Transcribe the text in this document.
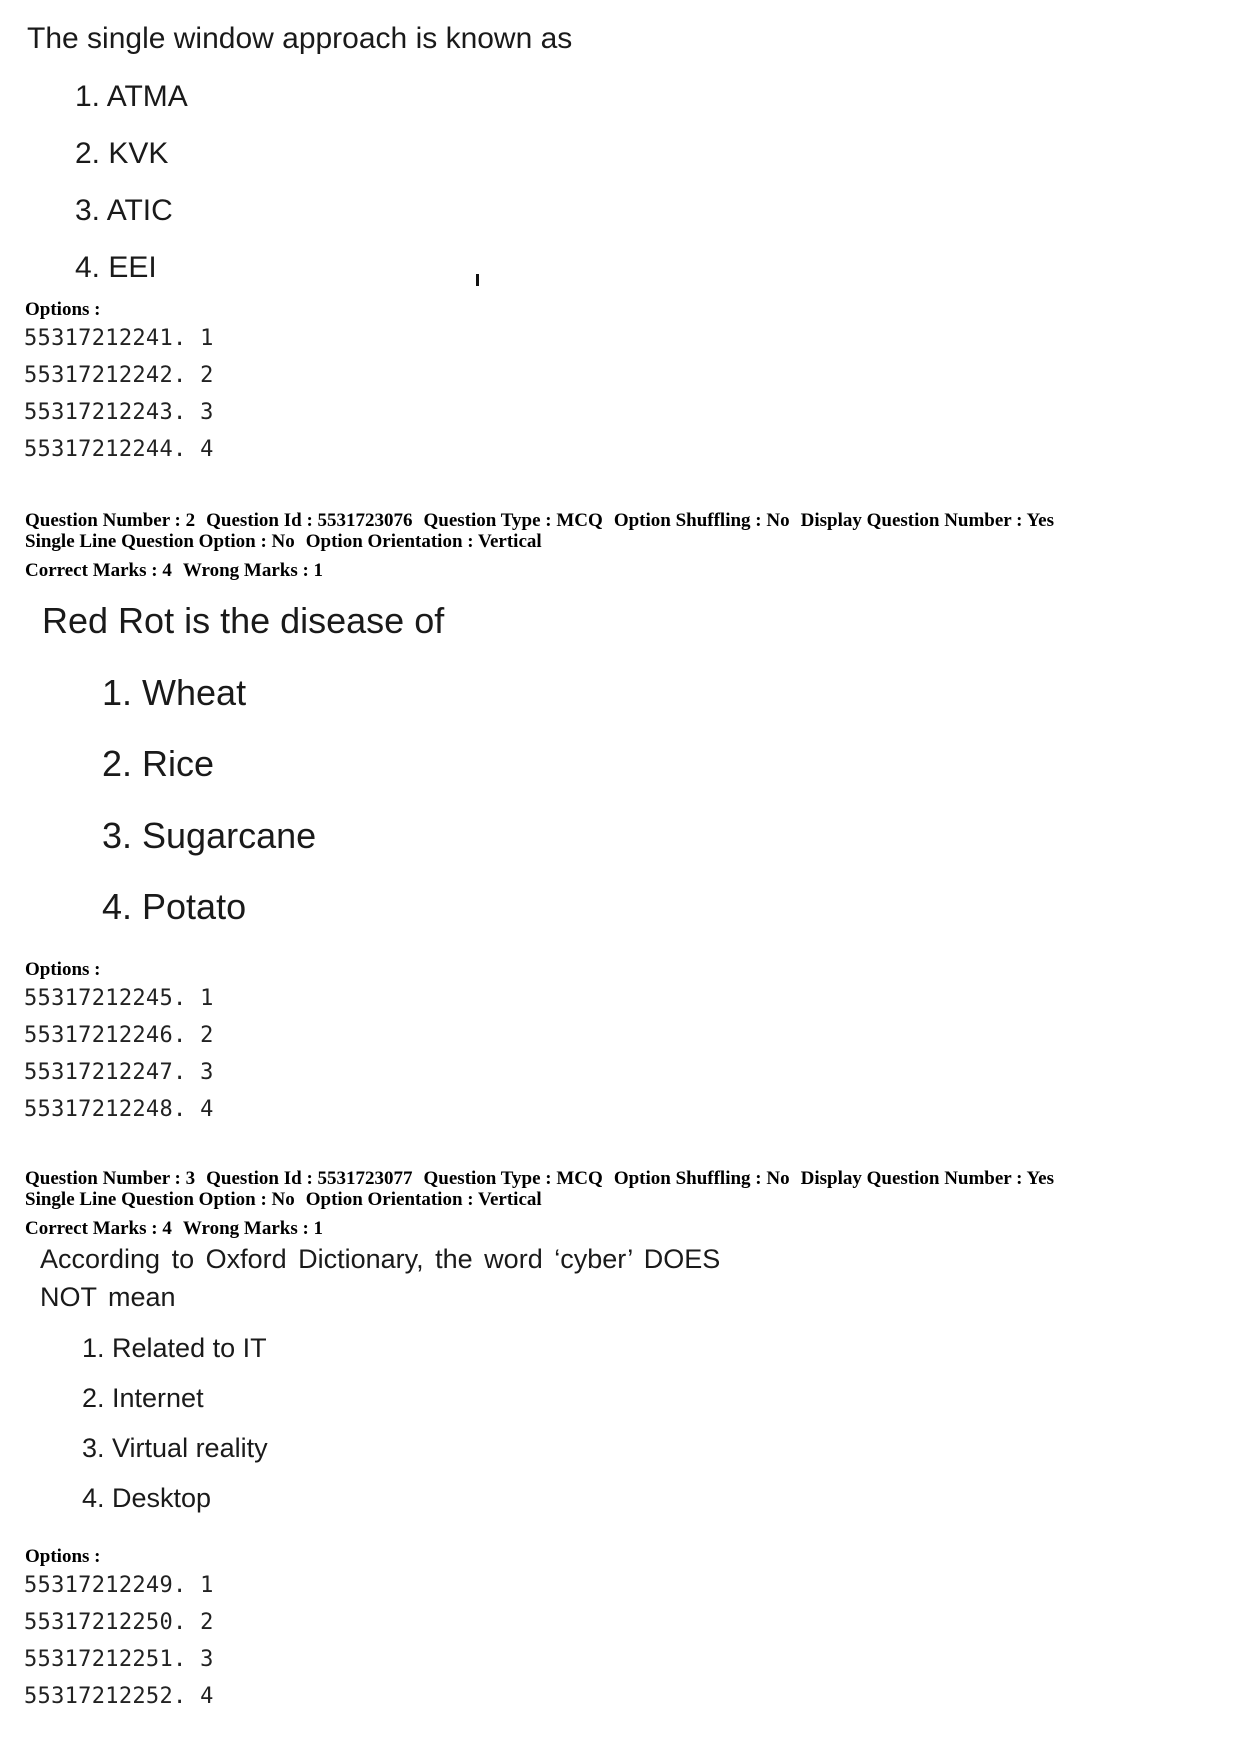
The single window approach is known as
1. ATMA
2. KVK
3. ATIC
4. EEI
Options :
55317212241. 1
55317212242. 2
55317212243. 3
55317212244. 4
Question Number : 2 Question Id : 5531723076 Question Type : MCQ Option Shuffling : No Display Question Number : Yes
Single Line Question Option : No Option Orientation : Vertical
Correct Marks : 4 Wrong Marks : 1
Red Rot is the disease of
1. Wheat
2. Rice
3. Sugarcane
4. Potato
Options :
55317212245. 1
55317212246. 2
55317212247. 3
55317212248. 4
Question Number : 3 Question Id : 5531723077 Question Type : MCQ Option Shuffling : No Display Question Number : Yes
Single Line Question Option : No Option Orientation : Vertical
Correct Marks : 4 Wrong Marks : 1
According to Oxford Dictionary, the word ‘cyber’ DOES
NOT mean
1. Related to IT
2. Internet
3. Virtual reality
4. Desktop
Options :
55317212249. 1
55317212250. 2
55317212251. 3
55317212252. 4
